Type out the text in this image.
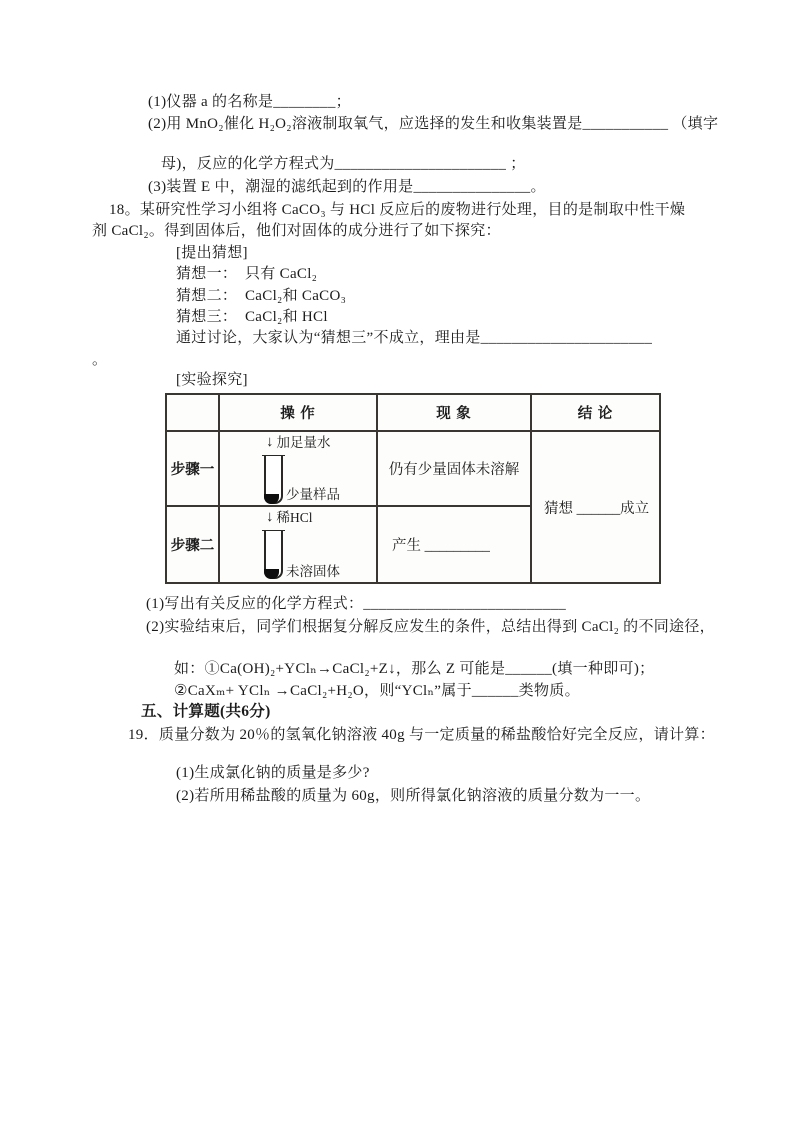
(1)仪器 a 的名称是________；
(2)用 MnO₂催化 H₂O₂溶液制取氧气，应选择的发生和收集装置是___________ （填字
母)，反应的化学方程式为______________________ ；
(3)装置 E 中，潮湿的滤纸起到的作用是_______________。
18。某研究性学习小组将 CaCO₃ 与 HCl 反应后的废物进行处理，目的是制取中性干燥
剂 CaCl₂。得到固体后，他们对固体的成分进行了如下探究：
[提出猜想]
猜想一：　只有 CaCl₂
猜想二：　CaCl₂和 CaCO₃
猜想三：　CaCl₂和 HCl
通过讨论，大家认为“猜想三”不成立，理由是______________________
。
[实验探究]
操 作	现 象	结 论
步骤一
↓ 加足量水
少量样品
仍有少量固体未溶解
猜想 ______成立
步骤二
↓ 稀HCl
未溶固体
产生 _________
(1)写出有关反应的化学方程式：__________________________
(2)实验结束后，同学们根据复分解反应发生的条件，总结出得到 CaCl₂ 的不同途径，
如：①Ca(OH)₂+YClₙ→CaCl₂+Z↓，那么 Z 可能是______(填一种即可)；
②CaXₘ+ YClₙ →CaCl₂+H₂O，则“YClₙ”属于______类物质。
五、计算题(共6分)
19．质量分数为 20％的氢氧化钠溶液 40g 与一定质量的稀盐酸恰好完全反应，请计算：
(1)生成氯化钠的质量是多少?
(2)若所用稀盐酸的质量为 60g，则所得氯化钠溶液的质量分数为一一。
